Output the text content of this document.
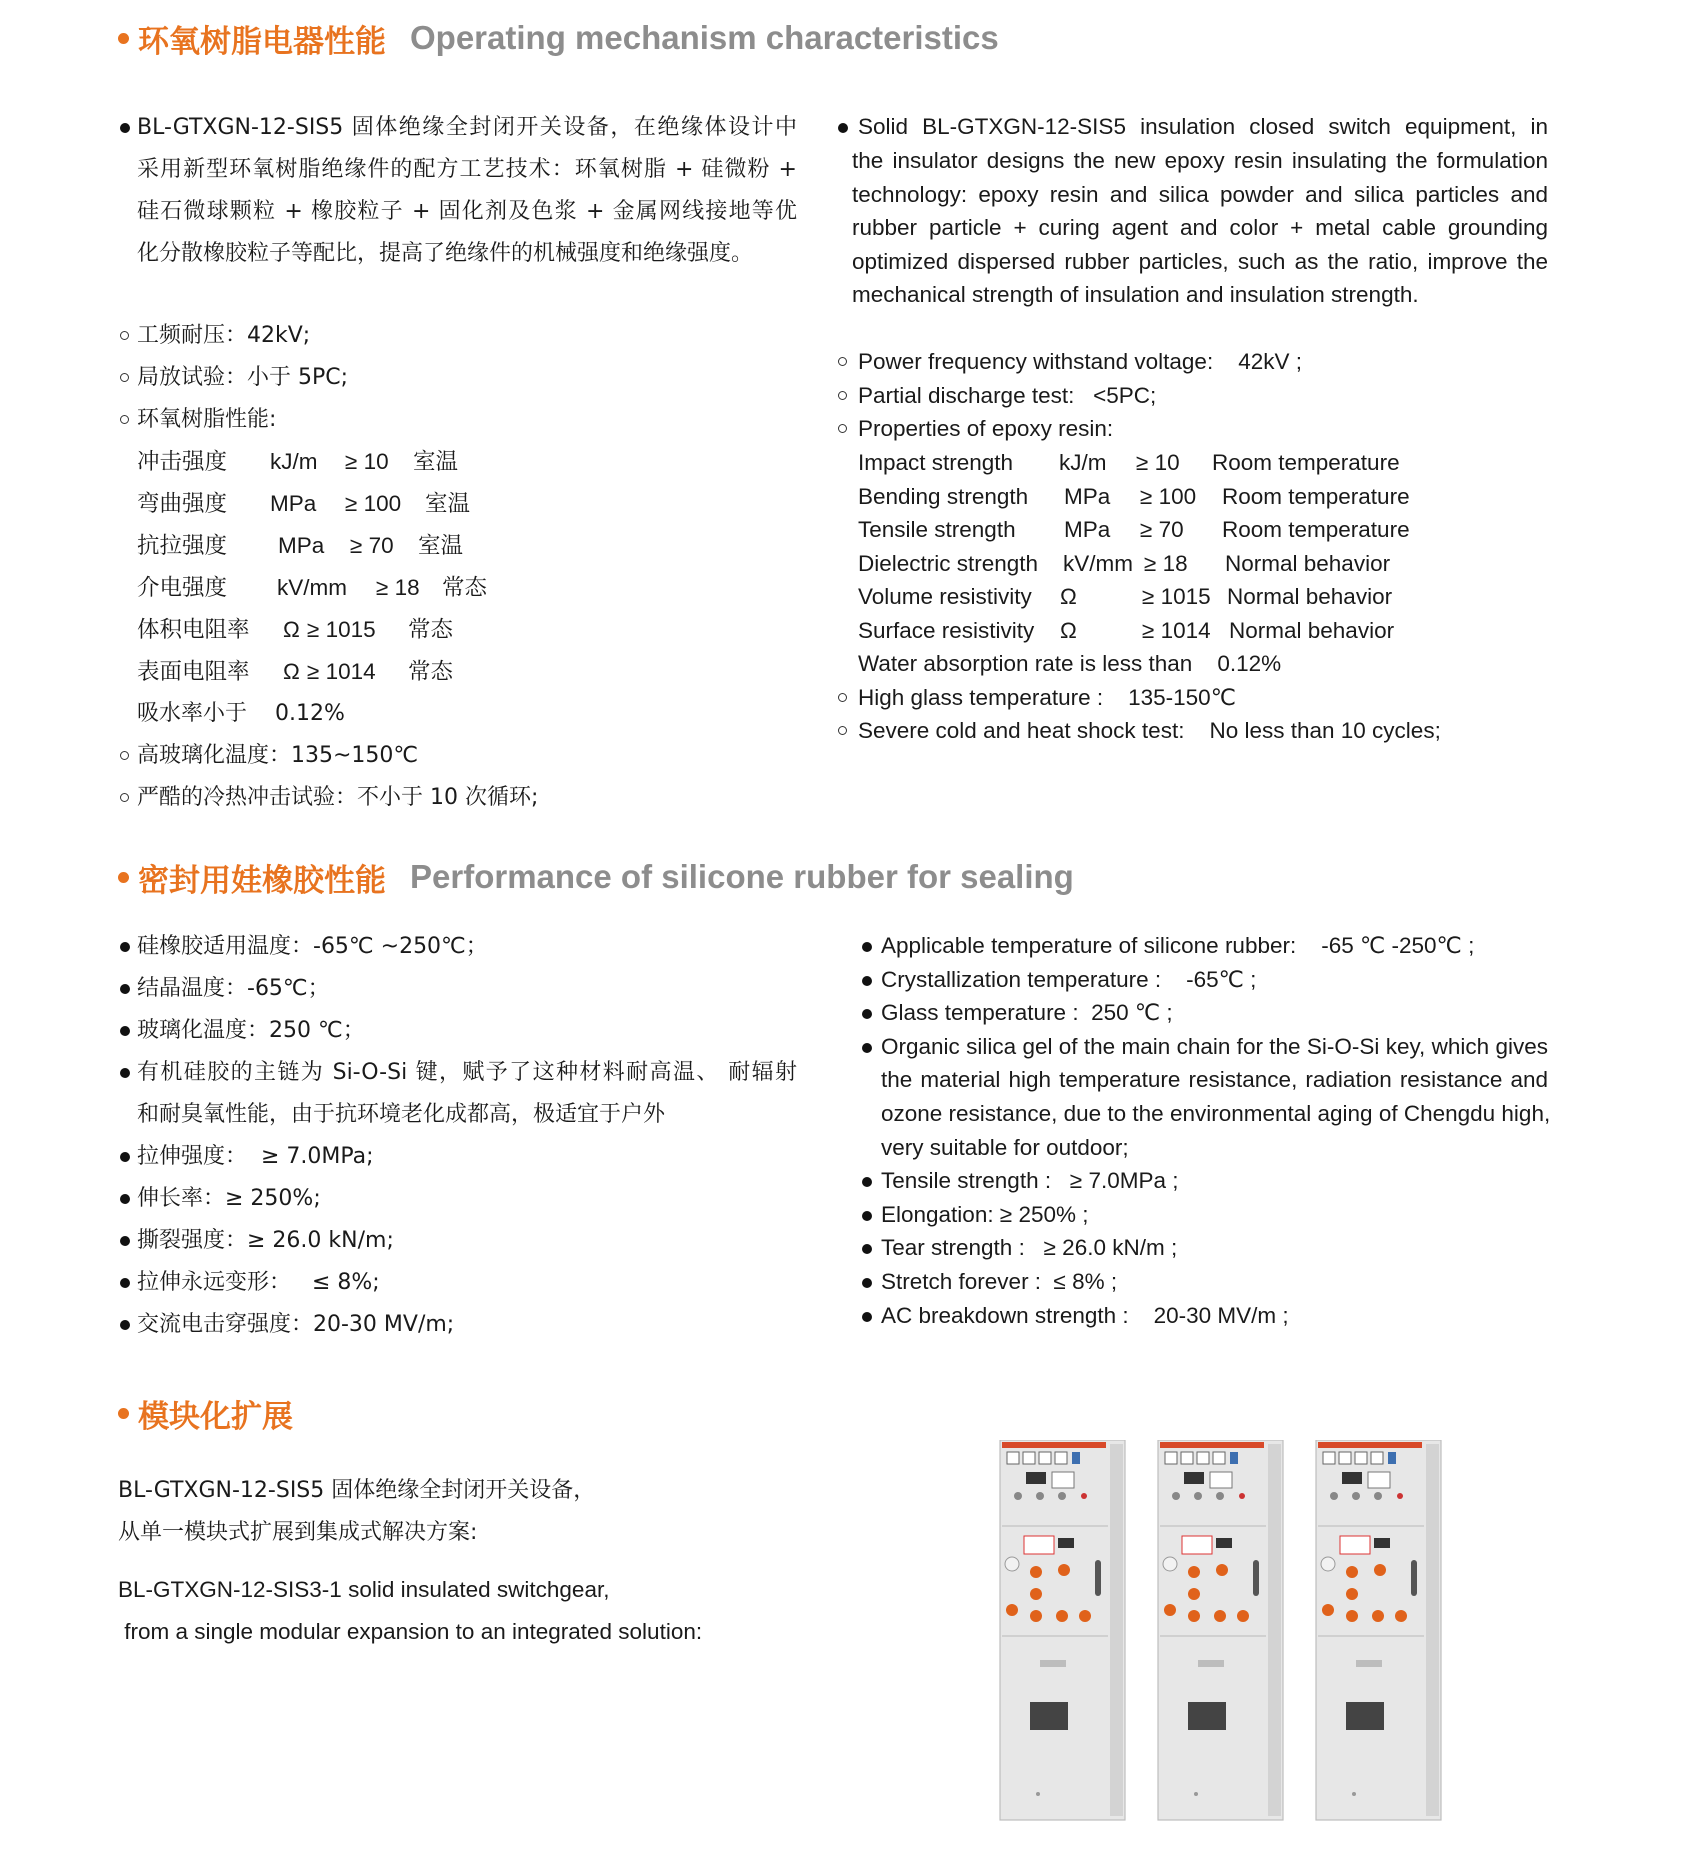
环氧树脂电器性能 Operating mechanism characteristics
BL-GTXGN-12-SIS5 固体绝缘全封闭开关设备，在绝缘体设计中
采用新型环氧树脂绝缘件的配方工艺技术：环氧树脂 + 硅微粉 +
硅石微球颗粒 + 橡胶粒子 + 固化剂及色浆 + 金属网线接地等优
化分散橡胶粒子等配比，提高了绝缘件的机械强度和绝缘强度。
工频耐压：42kV;
局放试验：小于 5PC;
环氧树脂性能:
冲击强度 kJ/m ≥ 10 室温
弯曲强度 MPa ≥ 100 室温
抗拉强度 MPa ≥ 70 室温
介电强度 kV/mm ≥ 18 常态
体积电阻率 Ω ≥ 1015 常态
表面电阻率 Ω ≥ 1014 常态
吸水率小于    0.12%
高玻璃化温度：135~150℃
严酷的冷热冲击试验：不小于 10 次循环;
Solid BL-GTXGN-12-SIS5 insulation closed switch equipment, in
the insulator designs the new epoxy resin insulating the formulation
technology: epoxy resin and silica powder and silica particles and
rubber particle + curing agent and color + metal cable grounding
optimized dispersed rubber particles, such as the ratio, improve the
mechanical strength of insulation and insulation strength.
Power frequency withstand voltage:    42kV ;
Partial discharge test:   <5PC;
Properties of epoxy resin:
Impact strength kJ/m ≥ 10 Room temperature
Bending strength MPa ≥ 100 Room temperature
Tensile strength MPa ≥ 70 Room temperature
Dielectric strength kV/mm ≥ 18 Normal behavior
Volume resistivity Ω	≥ 1015 Normal behavior
Surface resistivity Ω	≥ 1014 Normal behavior
Water absorption rate is less than    0.12%
High glass temperature :    135-150℃
Severe cold and heat shock test:    No less than 10 cycles;
密封用娃橡胶性能 Performance of silicone rubber for sealing
硅橡胶适用温度：-65℃ ~250℃；
结晶温度：-65℃；
玻璃化温度：250 ℃；
有机硅胶的主链为 Si-O-Si 键，赋予了这种材料耐高温、 耐辐射
和耐臭氧性能，由于抗环境老化成都高，极适宜于户外
拉伸强度：  ≥ 7.0MPa;
伸长率：≥ 250%;
撕裂强度：≥ 26.0 kN/m;
拉伸永远变形：   ≤ 8%;
交流电击穿强度：20-30 MV/m;
Applicable temperature of silicone rubber:    -65 ℃ -250℃ ;
Crystallization temperature :    -65℃ ;
Glass temperature :  250 ℃ ;
Organic silica gel of the main chain for the Si-O-Si key, which gives
the material high temperature resistance, radiation resistance and
ozone resistance, due to the environmental aging of Chengdu high,
very suitable for outdoor;
Tensile strength :   ≥ 7.0MPa ;
Elongation: ≥ 250% ;
Tear strength :   ≥ 26.0 kN/m ;
Stretch forever :  ≤ 8% ;
AC breakdown strength :    20-30 MV/m ;
模块化扩展
BL-GTXGN-12-SIS5 固体绝缘全封闭开关设备，
从单一模块式扩展到集成式解决方案:
BL-GTXGN-12-SIS3-1 solid insulated switchgear,
from a single modular expansion to an integrated solution:
